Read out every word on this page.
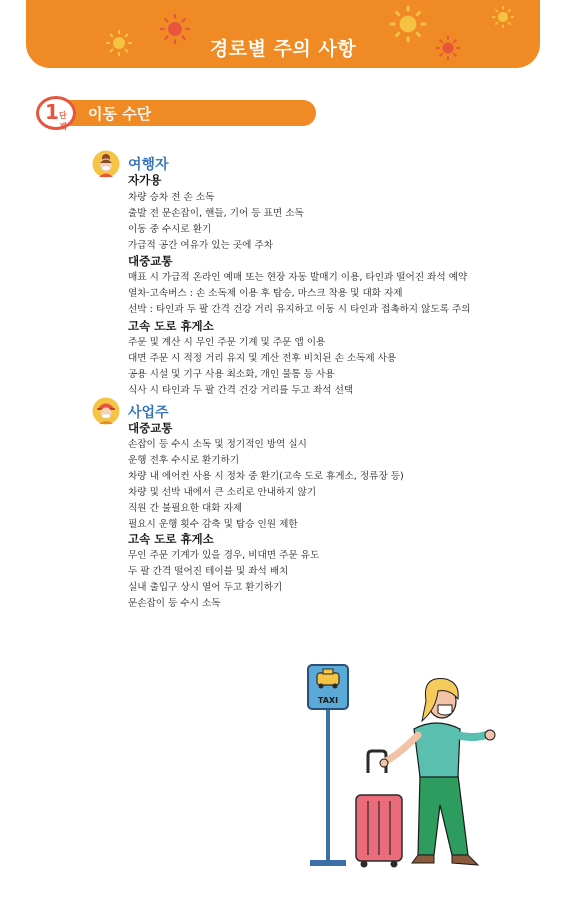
경로별 주의 사항
1 단계
이동 수단
여행자
자가용
차량 승차 전 손 소독
출발 전 문손잡이, 핸들, 기어 등 표면 소독
이동 중 수시로 환기
가급적 공간 여유가 있는 곳에 주차
대중교통
매표 시 가급적 온라인 예매 또는 현장 자동 발매기 이용, 타인과 떨어진 좌석 예약
열차·고속버스 : 손 소독제 이용 후 탑승, 마스크 착용 및 대화 자제
선박 : 타인과 두 팔 간격 건강 거리 유지하고 이동 시 타인과 접촉하지 않도록 주의
고속 도로 휴게소
주문 및 계산 시 무인 주문 기계 및 주문 앱 이용
대면 주문 시 적정 거리 유지 및 계산 전후 비치된 손 소독제 사용
공용 시설 및 기구 사용 최소화, 개인 물통 등 사용
식사 시 타인과 두 팔 간격 건강 거리를 두고 좌석 선택
사업주
대중교통
손잡이 등 수시 소독 및 정기적인 방역 실시
운행 전후 수시로 환기하기
차량 내 에어컨 사용 시 정차 중 환기(고속 도로 휴게소, 정류장 등)
차량 및 선박 내에서 큰 소리로 안내하지 않기
직원 간 불필요한 대화 자제
필요시 운행 횟수 감축 및 탑승 인원 제한
고속 도로 휴게소
무인 주문 기계가 있을 경우, 비대면 주문 유도
두 팔 간격 떨어진 테이블 및 좌석 배치
실내 출입구 상시 열어 두고 환기하기
문손잡이 등 수시 소독
TAXI
